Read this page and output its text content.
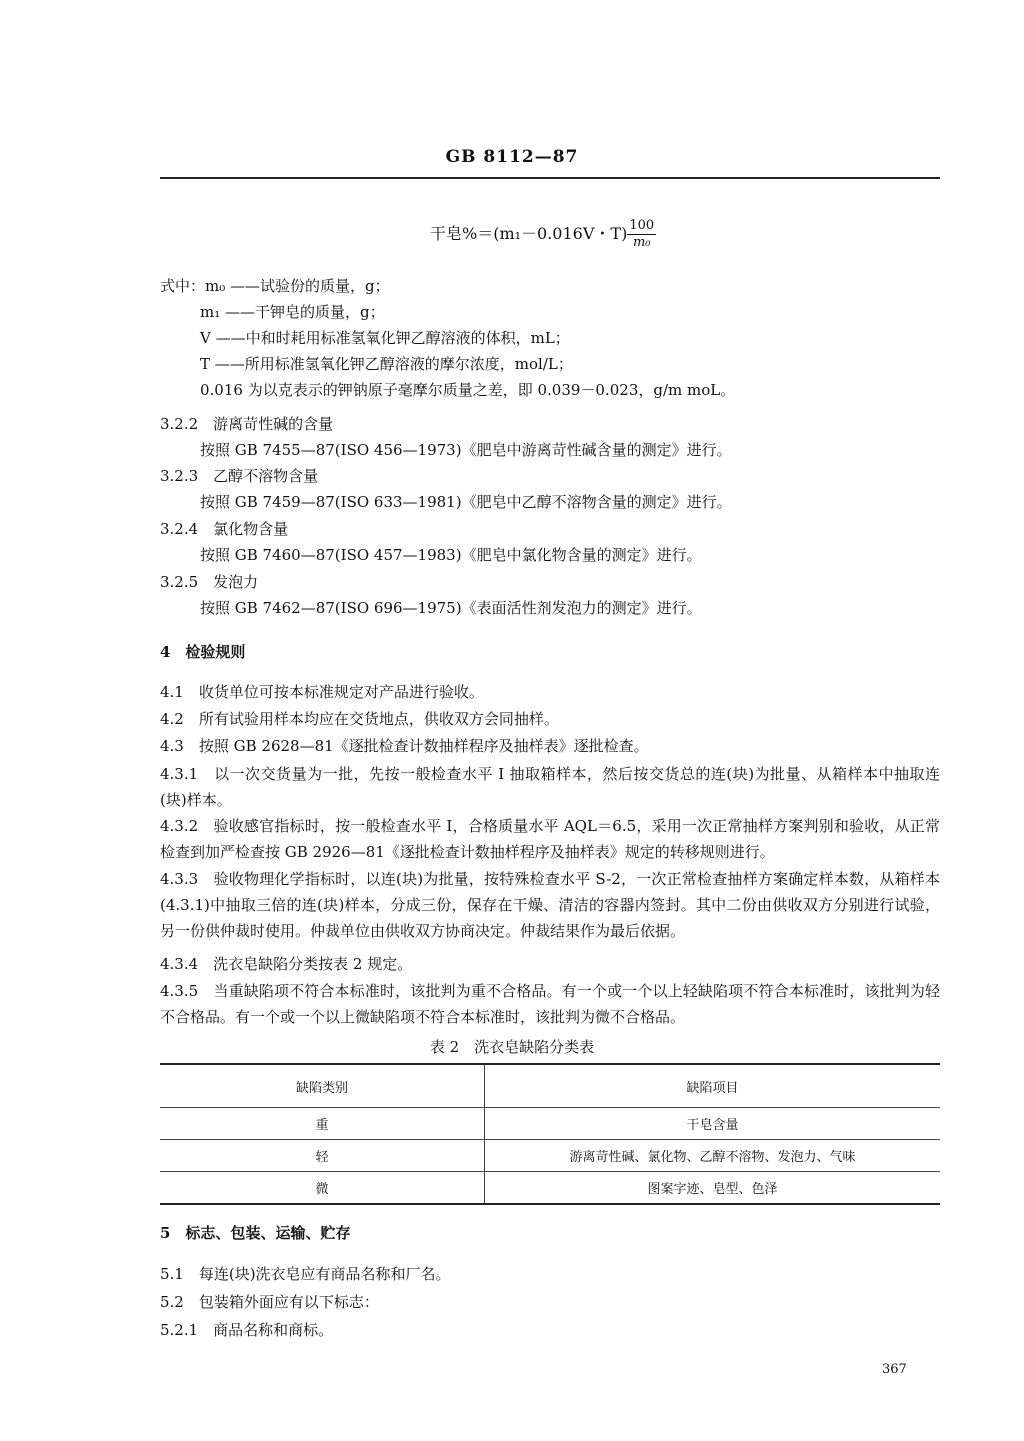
GB 8112—87
干皂%＝(m₁－0.016V・$T) \frac{100}{\text{m₀}}$
式中：m₀ ——试验份的质量，g；
m₁ ——干钾皂的质量，g；
V ——中和时耗用标准氢氧化钾乙醇溶液的体积，mL；
T ——所用标准氢氧化钾乙醇溶液的摩尔浓度，mol/L；
0.016 为以克表示的钾钠原子毫摩尔质量之差，即 0.039－0.023，g/m moL。
3.2.2　游离苛性碱的含量
按照 GB 7455—87(ISO 456—1973)《肥皂中游离苛性碱含量的测定》进行。
3.2.3　乙醇不溶物含量
按照 GB 7459—87(ISO 633—1981)《肥皂中乙醇不溶物含量的测定》进行。
3.2.4　氯化物含量
按照 GB 7460—87(ISO 457—1983)《肥皂中氯化物含量的测定》进行。
3.2.5　发泡力
按照 GB 7462—87(ISO 696—1975)《表面活性剂发泡力的测定》进行。
4　检验规则
4.1　收货单位可按本标准规定对产品进行验收。
4.2　所有试验用样本均应在交货地点，供收双方会同抽样。
4.3　按照 GB 2628—81《逐批检查计数抽样程序及抽样表》逐批检查。
4.3.1　以一次交货量为一批，先按一般检查水平 I 抽取箱样本，然后按交货总的连(块)为批量、从箱样本中抽取连(块)样本。
4.3.2　验收感官指标时，按一般检查水平 I，合格质量水平 AQL＝6.5，采用一次正常抽样方案判别和验收，从正常检查到加严检查按 GB 2926—81《逐批检查计数抽样程序及抽样表》规定的转移规则进行。
4.3.3　验收物理化学指标时，以连(块)为批量，按特殊检查水平 S-2，一次正常检查抽样方案确定样本数，从箱样本(4.3.1)中抽取三倍的连(块)样本，分成三份，保存在干燥、清洁的容器内签封。其中二份由供收双方分别进行试验，另一份供仲裁时使用。仲裁单位由供收双方协商决定。仲裁结果作为最后依据。
4.3.4　洗衣皂缺陷分类按表 2 规定。
4.3.5　当重缺陷项不符合本标准时，该批判为重不合格品。有一个或一个以上轻缺陷项不符合本标准时，该批判为轻不合格品。有一个或一个以上微缺陷项不符合本标准时，该批判为微不合格品。
表 2　洗衣皂缺陷分类表
缺陷类别	缺陷项目
重	干皂含量
轻	游离苛性碱、氯化物、乙醇不溶物、发泡力、气味
微	图案字迹、皂型、色泽
5　标志、包装、运输、贮存
5.1　每连(块)洗衣皂应有商品名称和厂名。
5.2　包装箱外面应有以下标志：
5.2.1　商品名称和商标。
367
